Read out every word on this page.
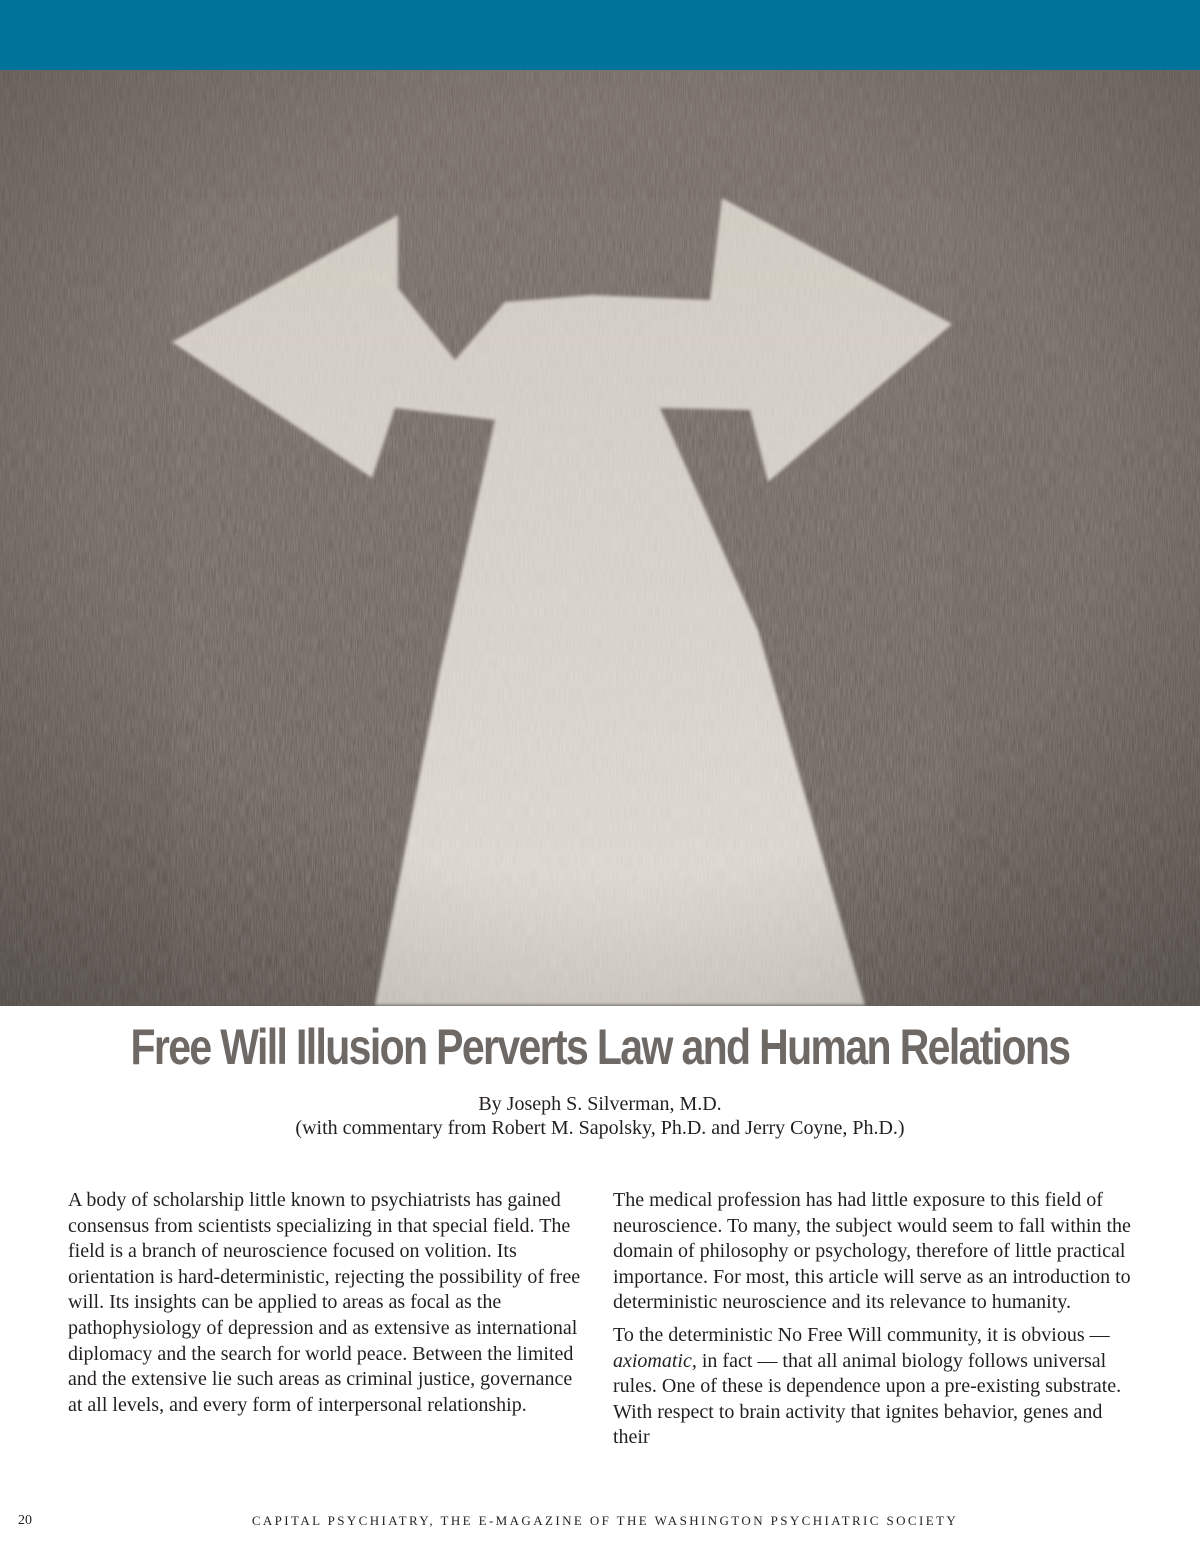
Free Will Illusion Perverts Law and Human Relations
By Joseph S. Silverman, M.D.
(with commentary from Robert M. Sapolsky, Ph.D. and Jerry Coyne, Ph.D.)

A body of scholarship little known to psychiatrists has gained consensus from scientists specializing in that special field. The field is a branch of neuroscience focused on volition. Its orientation is hard-deterministic, rejecting the possibility of free will. Its insights can be applied to areas as focal as the pathophysiology of depression and as extensive as international diplomacy and the search for world peace. Between the limited and the extensive lie such areas as criminal justice, governance at all levels, and every form of interpersonal relationship.

The medical profession has had little exposure to this field of neuroscience. To many, the subject would seem to fall within the domain of philosophy or psychology, therefore of little practical importance. For most, this article will serve as an introduction to deterministic neuroscience and its relevance to humanity.

To the deterministic No Free Will community, it is obvious — axiomatic, in fact — that all animal biology follows universal rules. One of these is dependence upon a pre-existing substrate. With respect to brain activity that ignites behavior, genes and their

20	CAPITAL PSYCHIATRY, THE E-MAGAZINE OF THE WASHINGTON PSYCHIATRIC SOCIETY
